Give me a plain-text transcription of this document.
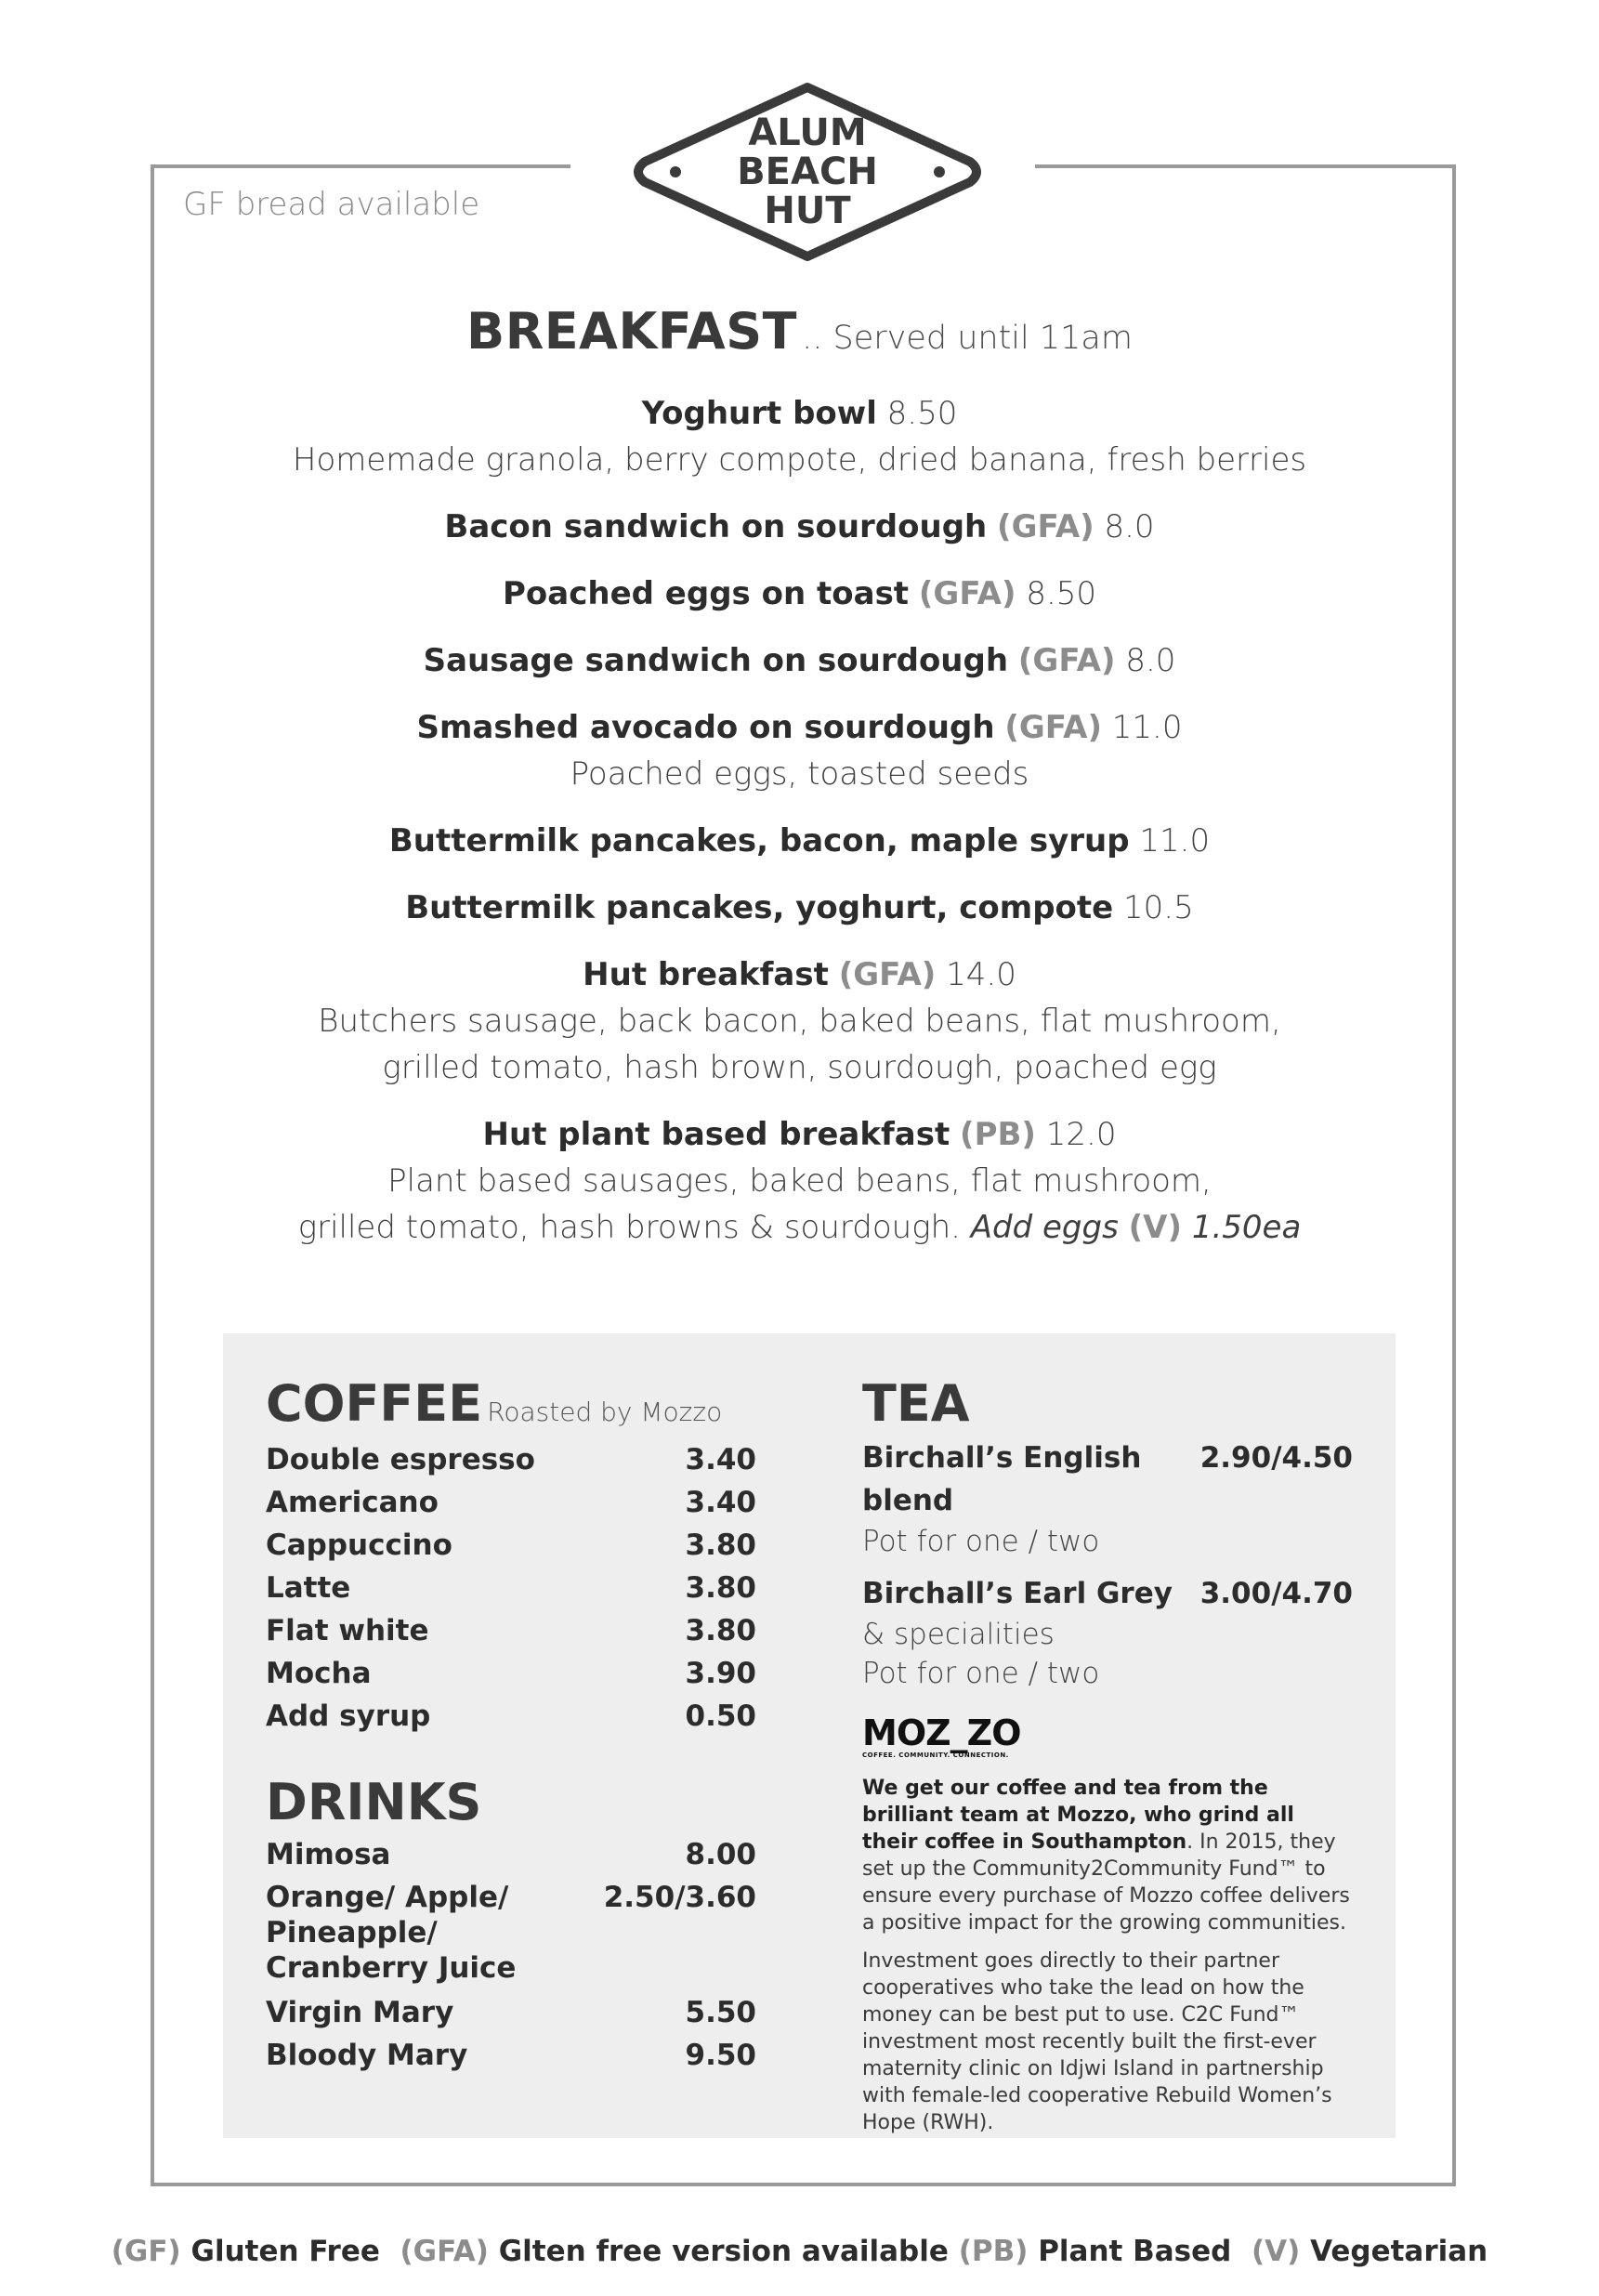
ALUM
BEACH
HUT
GF bread available
BREAKFAST .. Served until 11am
Yoghurt bowl 8.50
Homemade granola, berry compote, dried banana, fresh berries
Bacon sandwich on sourdough (GFA) 8.0
Poached eggs on toast (GFA) 8.50
Sausage sandwich on sourdough (GFA) 8.0
Smashed avocado on sourdough (GFA) 11.0
Poached eggs, toasted seeds
Buttermilk pancakes, bacon, maple syrup 11.0
Buttermilk pancakes, yoghurt, compote 10.5
Hut breakfast (GFA) 14.0
Butchers sausage, back bacon, baked beans, flat mushroom,
grilled tomato, hash brown, sourdough, poached egg
Hut plant based breakfast (PB) 12.0
Plant based sausages, baked beans, flat mushroom,
grilled tomato, hash browns & sourdough. Add eggs (V) 1.50ea
COFFEE Roasted by Mozzo
Double espresso	3.40
Americano	3.40
Cappuccino	3.80
Latte	3.80
Flat white	3.80
Mocha	3.90
Add syrup	0.50
DRINKS
Mimosa	8.00
Orange/ Apple/
Pineapple/
Cranberry Juice
2.50/3.60
Virgin Mary	5.50
Bloody Mary	9.50
TEA
Birchall’s English blend
2.90/4.50
Pot for one / two
Birchall’s Earl Grey 3.00/4.70
& specialities
Pot for one / two
MOZ_ZO
COFFEE. COMMUNITY. CONNECTION.
We get our coffee and tea from the brilliant team at Mozzo, who grind all their coffee in Southampton. In 2015, they set up the Community2Community Fund™ to ensure every purchase of Mozzo coffee delivers a positive impact for the growing communities.
Investment goes directly to their partner cooperatives who take the lead on how the money can be best put to use. C2C Fund™ investment most recently built the first-ever maternity clinic on Idjwi Island in partnership with female-led cooperative Rebuild Women’s Hope (RWH).
(GF) Gluten Free (GFA) Glten free version available (PB) Plant Based (V) Vegetarian
